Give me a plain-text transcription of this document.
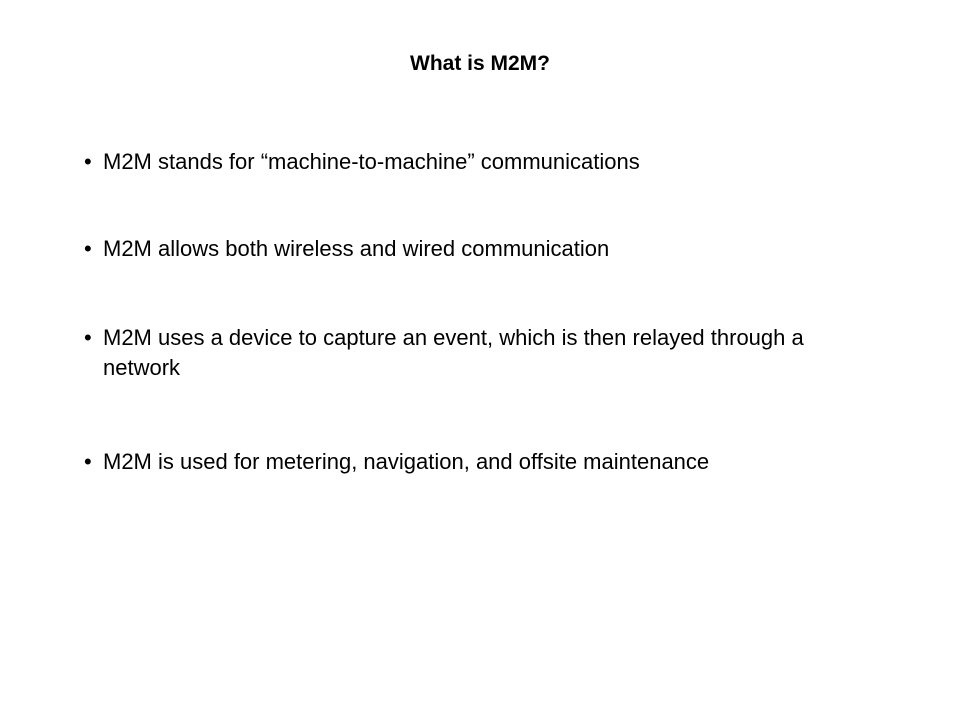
What is M2M?
• M2M stands for “machine-to-machine” communications
• M2M allows both wireless and wired communication
• M2M uses a device to capture an event, which is then relayed through a network
• M2M is used for metering, navigation, and offsite maintenance
